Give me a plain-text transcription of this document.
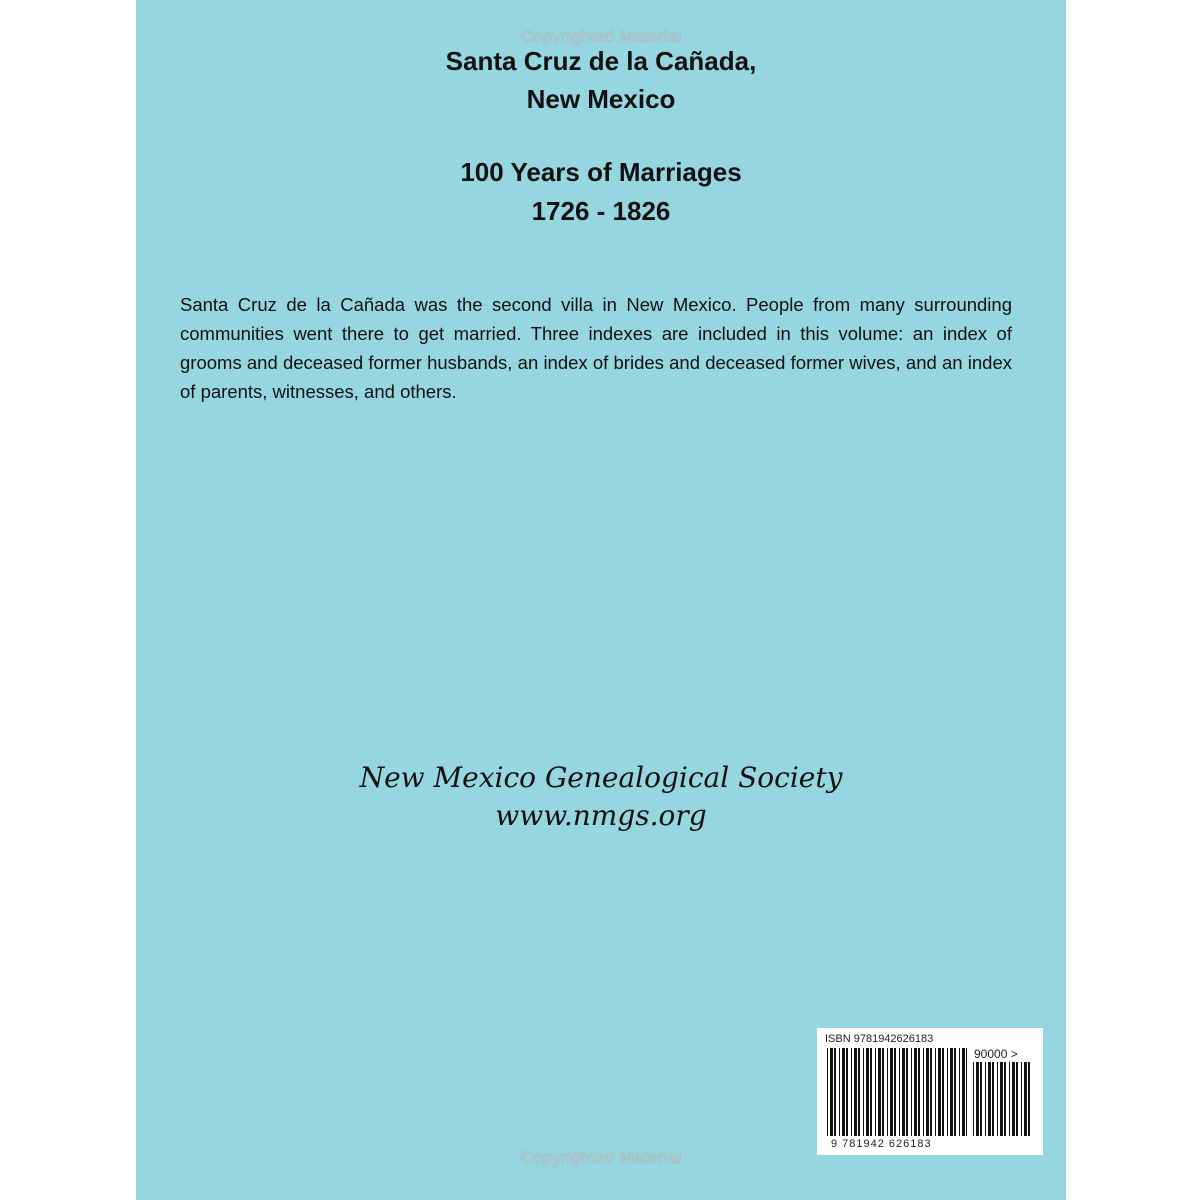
Copyrighted Material
Santa Cruz de la Cañada,
New Mexico
100 Years of Marriages
1726 - 1826

Santa Cruz de la Cañada was the second villa in New Mexico. People from many surrounding communities went there to get married. Three indexes are included in this volume: an index of grooms and deceased former husbands, an index of brides and deceased former wives, and an index of parents, witnesses, and others.

New Mexico Genealogical Society
www.nmgs.org
Copyrighted Material
ISBN 9781942626183
90000 >
9 781942 626183
